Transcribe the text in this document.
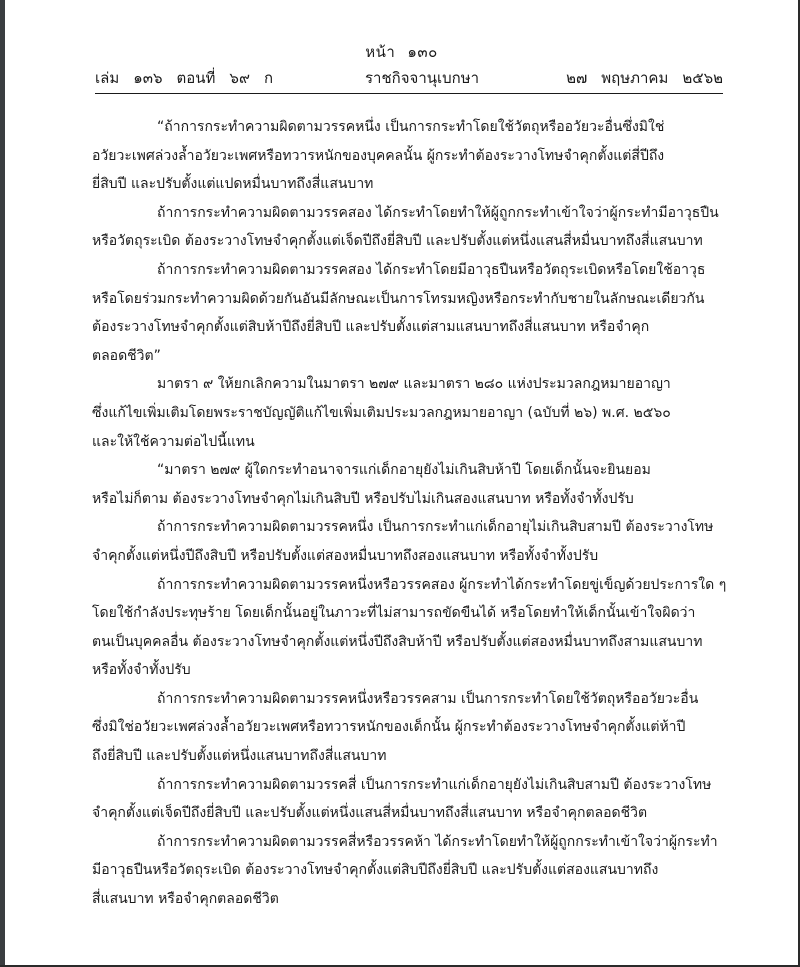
หน้า ๑๓๐
เล่ม ๑๓๖ ตอนที่ ๖๙ ก	ราชกิจจานุเบกษา	๒๗ พฤษภาคม ๒๕๖๒
“ถ้าการกระทำความผิดตามวรรคหนึ่ง เป็นการกระทำโดยใช้วัตถุหรืออวัยวะอื่นซึ่งมิใช่
อวัยวะเพศล่วงล้ำอวัยวะเพศหรือทวารหนักของบุคคลนั้น ผู้กระทำต้องระวางโทษจำคุกตั้งแต่สี่ปีถึง
ยี่สิบปี และปรับตั้งแต่แปดหมื่นบาทถึงสี่แสนบาท
ถ้าการกระทำความผิดตามวรรคสอง ได้กระทำโดยทำให้ผู้ถูกกระทำเข้าใจว่าผู้กระทำมีอาวุธปืน
หรือวัตถุระเบิด ต้องระวางโทษจำคุกตั้งแต่เจ็ดปีถึงยี่สิบปี และปรับตั้งแต่หนึ่งแสนสี่หมื่นบาทถึงสี่แสนบาท
ถ้าการกระทำความผิดตามวรรคสอง ได้กระทำโดยมีอาวุธปืนหรือวัตถุระเบิดหรือโดยใช้อาวุธ
หรือโดยร่วมกระทำความผิดด้วยกันอันมีลักษณะเป็นการโทรมหญิงหรือกระทำกับชายในลักษณะเดียวกัน
ต้องระวางโทษจำคุกตั้งแต่สิบห้าปีถึงยี่สิบปี และปรับตั้งแต่สามแสนบาทถึงสี่แสนบาท หรือจำคุก
ตลอดชีวิต”
มาตรา ๙ ให้ยกเลิกความในมาตรา ๒๗๙ และมาตรา ๒๘๐ แห่งประมวลกฎหมายอาญา
ซึ่งแก้ไขเพิ่มเติมโดยพระราชบัญญัติแก้ไขเพิ่มเติมประมวลกฎหมายอาญา (ฉบับที่ ๒๖) พ.ศ. ๒๕๖๐
และให้ใช้ความต่อไปนี้แทน
“มาตรา ๒๗๙ ผู้ใดกระทำอนาจารแก่เด็กอายุยังไม่เกินสิบห้าปี โดยเด็กนั้นจะยินยอม
หรือไม่ก็ตาม ต้องระวางโทษจำคุกไม่เกินสิบปี หรือปรับไม่เกินสองแสนบาท หรือทั้งจำทั้งปรับ
ถ้าการกระทำความผิดตามวรรคหนึ่ง เป็นการกระทำแก่เด็กอายุไม่เกินสิบสามปี ต้องระวางโทษ
จำคุกตั้งแต่หนึ่งปีถึงสิบปี หรือปรับตั้งแต่สองหมื่นบาทถึงสองแสนบาท หรือทั้งจำทั้งปรับ
ถ้าการกระทำความผิดตามวรรคหนึ่งหรือวรรคสอง ผู้กระทำได้กระทำโดยขู่เข็ญด้วยประการใด ๆ
โดยใช้กำลังประทุษร้าย โดยเด็กนั้นอยู่ในภาวะที่ไม่สามารถขัดขืนได้ หรือโดยทำให้เด็กนั้นเข้าใจผิดว่า
ตนเป็นบุคคลอื่น ต้องระวางโทษจำคุกตั้งแต่หนึ่งปีถึงสิบห้าปี หรือปรับตั้งแต่สองหมื่นบาทถึงสามแสนบาท
หรือทั้งจำทั้งปรับ
ถ้าการกระทำความผิดตามวรรคหนึ่งหรือวรรคสาม เป็นการกระทำโดยใช้วัตถุหรืออวัยวะอื่น
ซึ่งมิใช่อวัยวะเพศล่วงล้ำอวัยวะเพศหรือทวารหนักของเด็กนั้น ผู้กระทำต้องระวางโทษจำคุกตั้งแต่ห้าปี
ถึงยี่สิบปี และปรับตั้งแต่หนึ่งแสนบาทถึงสี่แสนบาท
ถ้าการกระทำความผิดตามวรรคสี่ เป็นการกระทำแก่เด็กอายุยังไม่เกินสิบสามปี ต้องระวางโทษ
จำคุกตั้งแต่เจ็ดปีถึงยี่สิบปี และปรับตั้งแต่หนึ่งแสนสี่หมื่นบาทถึงสี่แสนบาท หรือจำคุกตลอดชีวิต
ถ้าการกระทำความผิดตามวรรคสี่หรือวรรคห้า ได้กระทำโดยทำให้ผู้ถูกกระทำเข้าใจว่าผู้กระทำ
มีอาวุธปืนหรือวัตถุระเบิด ต้องระวางโทษจำคุกตั้งแต่สิบปีถึงยี่สิบปี และปรับตั้งแต่สองแสนบาทถึง
สี่แสนบาท หรือจำคุกตลอดชีวิต
